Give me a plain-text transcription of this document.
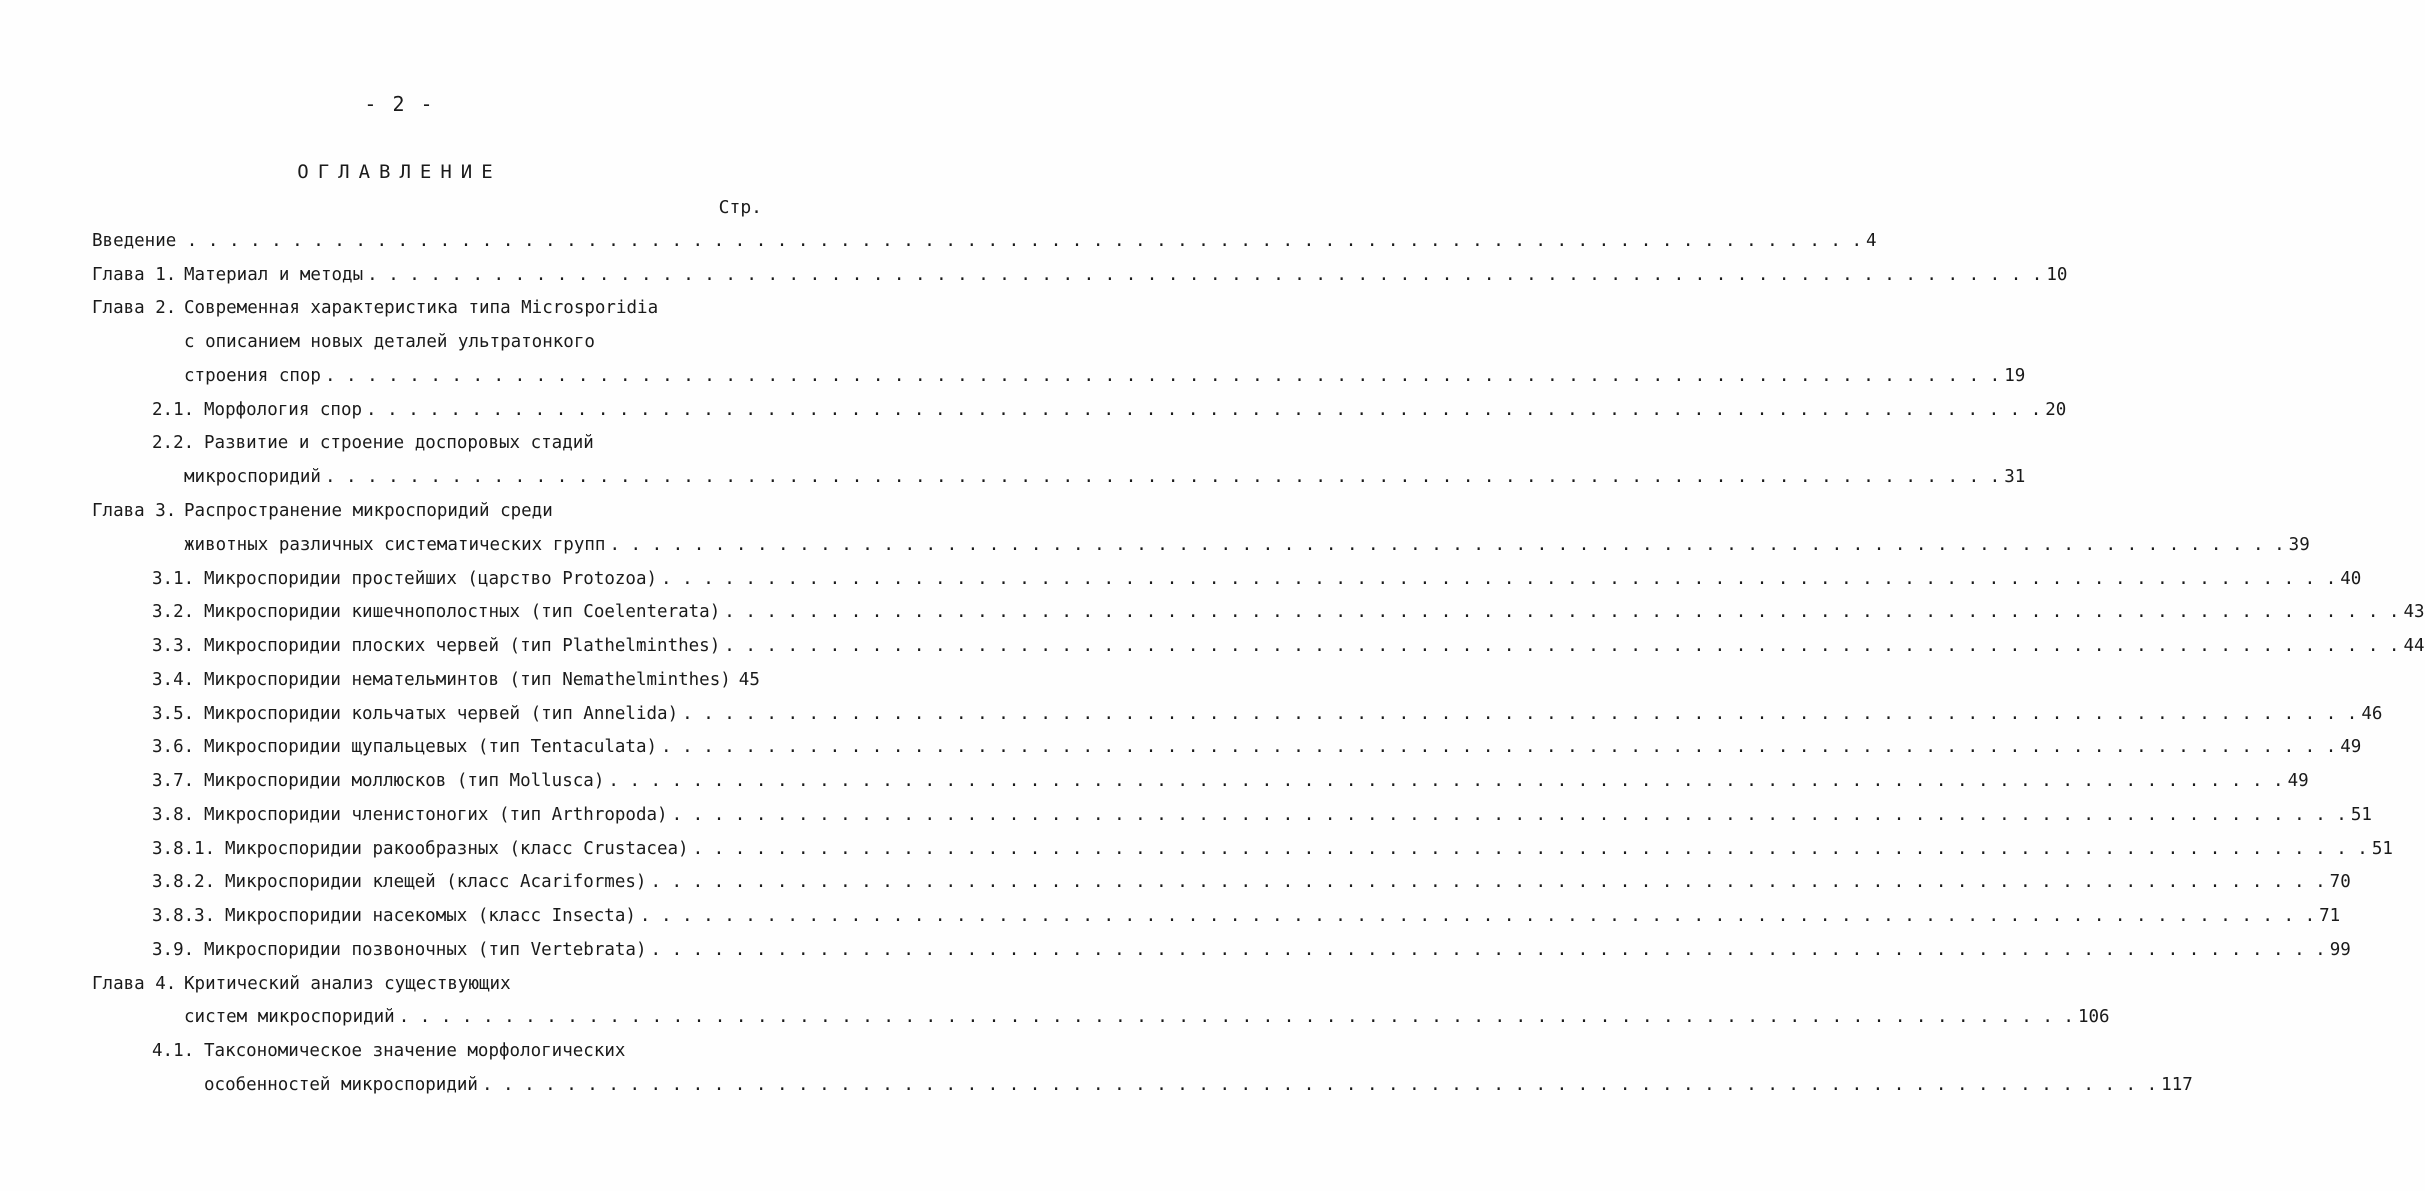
- 2 -
ОГЛАВЛЕНИЕ
Стр.
Введение . . . . . . . . . . . . . . . . . . . . . . . . . . . . . . . . . . . . . . . . . . . . . . . . . . . . . . . . . . . . . . . . . . . . . . . . . . . . . . . . 4
Глава 1. Материал и методы . . . . . . . . . . . . . . . . . . . . . . . . . . . . . . . . . . . . . . . . . . . . . . . . . . . . . . . . . . . . . . . . . . . . . . . . . . . . . . . . 10
Глава 2. Современная характеристика типа Microsporidia
с описанием новых деталей ультратонкого
строения спор . . . . . . . . . . . . . . . . . . . . . . . . . . . . . . . . . . . . . . . . . . . . . . . . . . . . . . . . . . . . . . . . . . . . . . . . . . . . . . . . 19
2.1. Морфология спор . . . . . . . . . . . . . . . . . . . . . . . . . . . . . . . . . . . . . . . . . . . . . . . . . . . . . . . . . . . . . . . . . . . . . . . . . . . . . . . . 20
2.2. Развитие и строение доспоровых стадий
микроспоридий . . . . . . . . . . . . . . . . . . . . . . . . . . . . . . . . . . . . . . . . . . . . . . . . . . . . . . . . . . . . . . . . . . . . . . . . . . . . . . . . 31
Глава 3. Распространение микроспоридий среди
животных различных систематических групп . . . . . . . . . . . . . . . . . . . . . . . . . . . . . . . . . . . . . . . . . . . . . . . . . . . . . . . . . . . . . . . . . . . . . . . . . . . . . . . . 39
3.1. Микроспоридии простейших (царство Protozoa) . . . . . . . . . . . . . . . . . . . . . . . . . . . . . . . . . . . . . . . . . . . . . . . . . . . . . . . . . . . . . . . . . . . . . . . . . . . . . . . . 40
3.2. Микроспоридии кишечнополостных (тип Coelenterata) . . . . . . . . . . . . . . . . . . . . . . . . . . . . . . . . . . . . . . . . . . . . . . . . . . . . . . . . . . . . . . . . . . . . . . . . . . . . . . . . 43
3.3. Микроспоридии плоских червей (тип Plathelminthes) . . . . . . . . . . . . . . . . . . . . . . . . . . . . . . . . . . . . . . . . . . . . . . . . . . . . . . . . . . . . . . . . . . . . . . . . . . . . . . . . 44
3.4. Микроспоридии немательминтов (тип Nemathelminthes) 45
3.5. Микроспоридии кольчатых червей (тип Annelida) . . . . . . . . . . . . . . . . . . . . . . . . . . . . . . . . . . . . . . . . . . . . . . . . . . . . . . . . . . . . . . . . . . . . . . . . . . . . . . . . 46
3.6. Микроспоридии щупальцевых (тип Tentaculata) . . . . . . . . . . . . . . . . . . . . . . . . . . . . . . . . . . . . . . . . . . . . . . . . . . . . . . . . . . . . . . . . . . . . . . . . . . . . . . . . 49
3.7. Микроспоридии моллюсков (тип Mollusca) . . . . . . . . . . . . . . . . . . . . . . . . . . . . . . . . . . . . . . . . . . . . . . . . . . . . . . . . . . . . . . . . . . . . . . . . . . . . . . . . 49
3.8. Микроспоридии членистоногих (тип Arthropoda) . . . . . . . . . . . . . . . . . . . . . . . . . . . . . . . . . . . . . . . . . . . . . . . . . . . . . . . . . . . . . . . . . . . . . . . . . . . . . . . . 51
3.8.1. Микроспоридии ракообразных (класс Crustacea) . . . . . . . . . . . . . . . . . . . . . . . . . . . . . . . . . . . . . . . . . . . . . . . . . . . . . . . . . . . . . . . . . . . . . . . . . . . . . . . . 51
3.8.2. Микроспоридии клещей (класс Acariformes) . . . . . . . . . . . . . . . . . . . . . . . . . . . . . . . . . . . . . . . . . . . . . . . . . . . . . . . . . . . . . . . . . . . . . . . . . . . . . . . . 70
3.8.3. Микроспоридии насекомых (класс Insecta) . . . . . . . . . . . . . . . . . . . . . . . . . . . . . . . . . . . . . . . . . . . . . . . . . . . . . . . . . . . . . . . . . . . . . . . . . . . . . . . . 71
3.9. Микроспоридии позвоночных (тип Vertebrata) . . . . . . . . . . . . . . . . . . . . . . . . . . . . . . . . . . . . . . . . . . . . . . . . . . . . . . . . . . . . . . . . . . . . . . . . . . . . . . . . 99
Глава 4. Критический анализ существующих
систем микроспоридий . . . . . . . . . . . . . . . . . . . . . . . . . . . . . . . . . . . . . . . . . . . . . . . . . . . . . . . . . . . . . . . . . . . . . . . . . . . . . . . . 106
4.1. Таксономическое значение морфологических
особенностей микроспоридий . . . . . . . . . . . . . . . . . . . . . . . . . . . . . . . . . . . . . . . . . . . . . . . . . . . . . . . . . . . . . . . . . . . . . . . . . . . . . . . . 117
